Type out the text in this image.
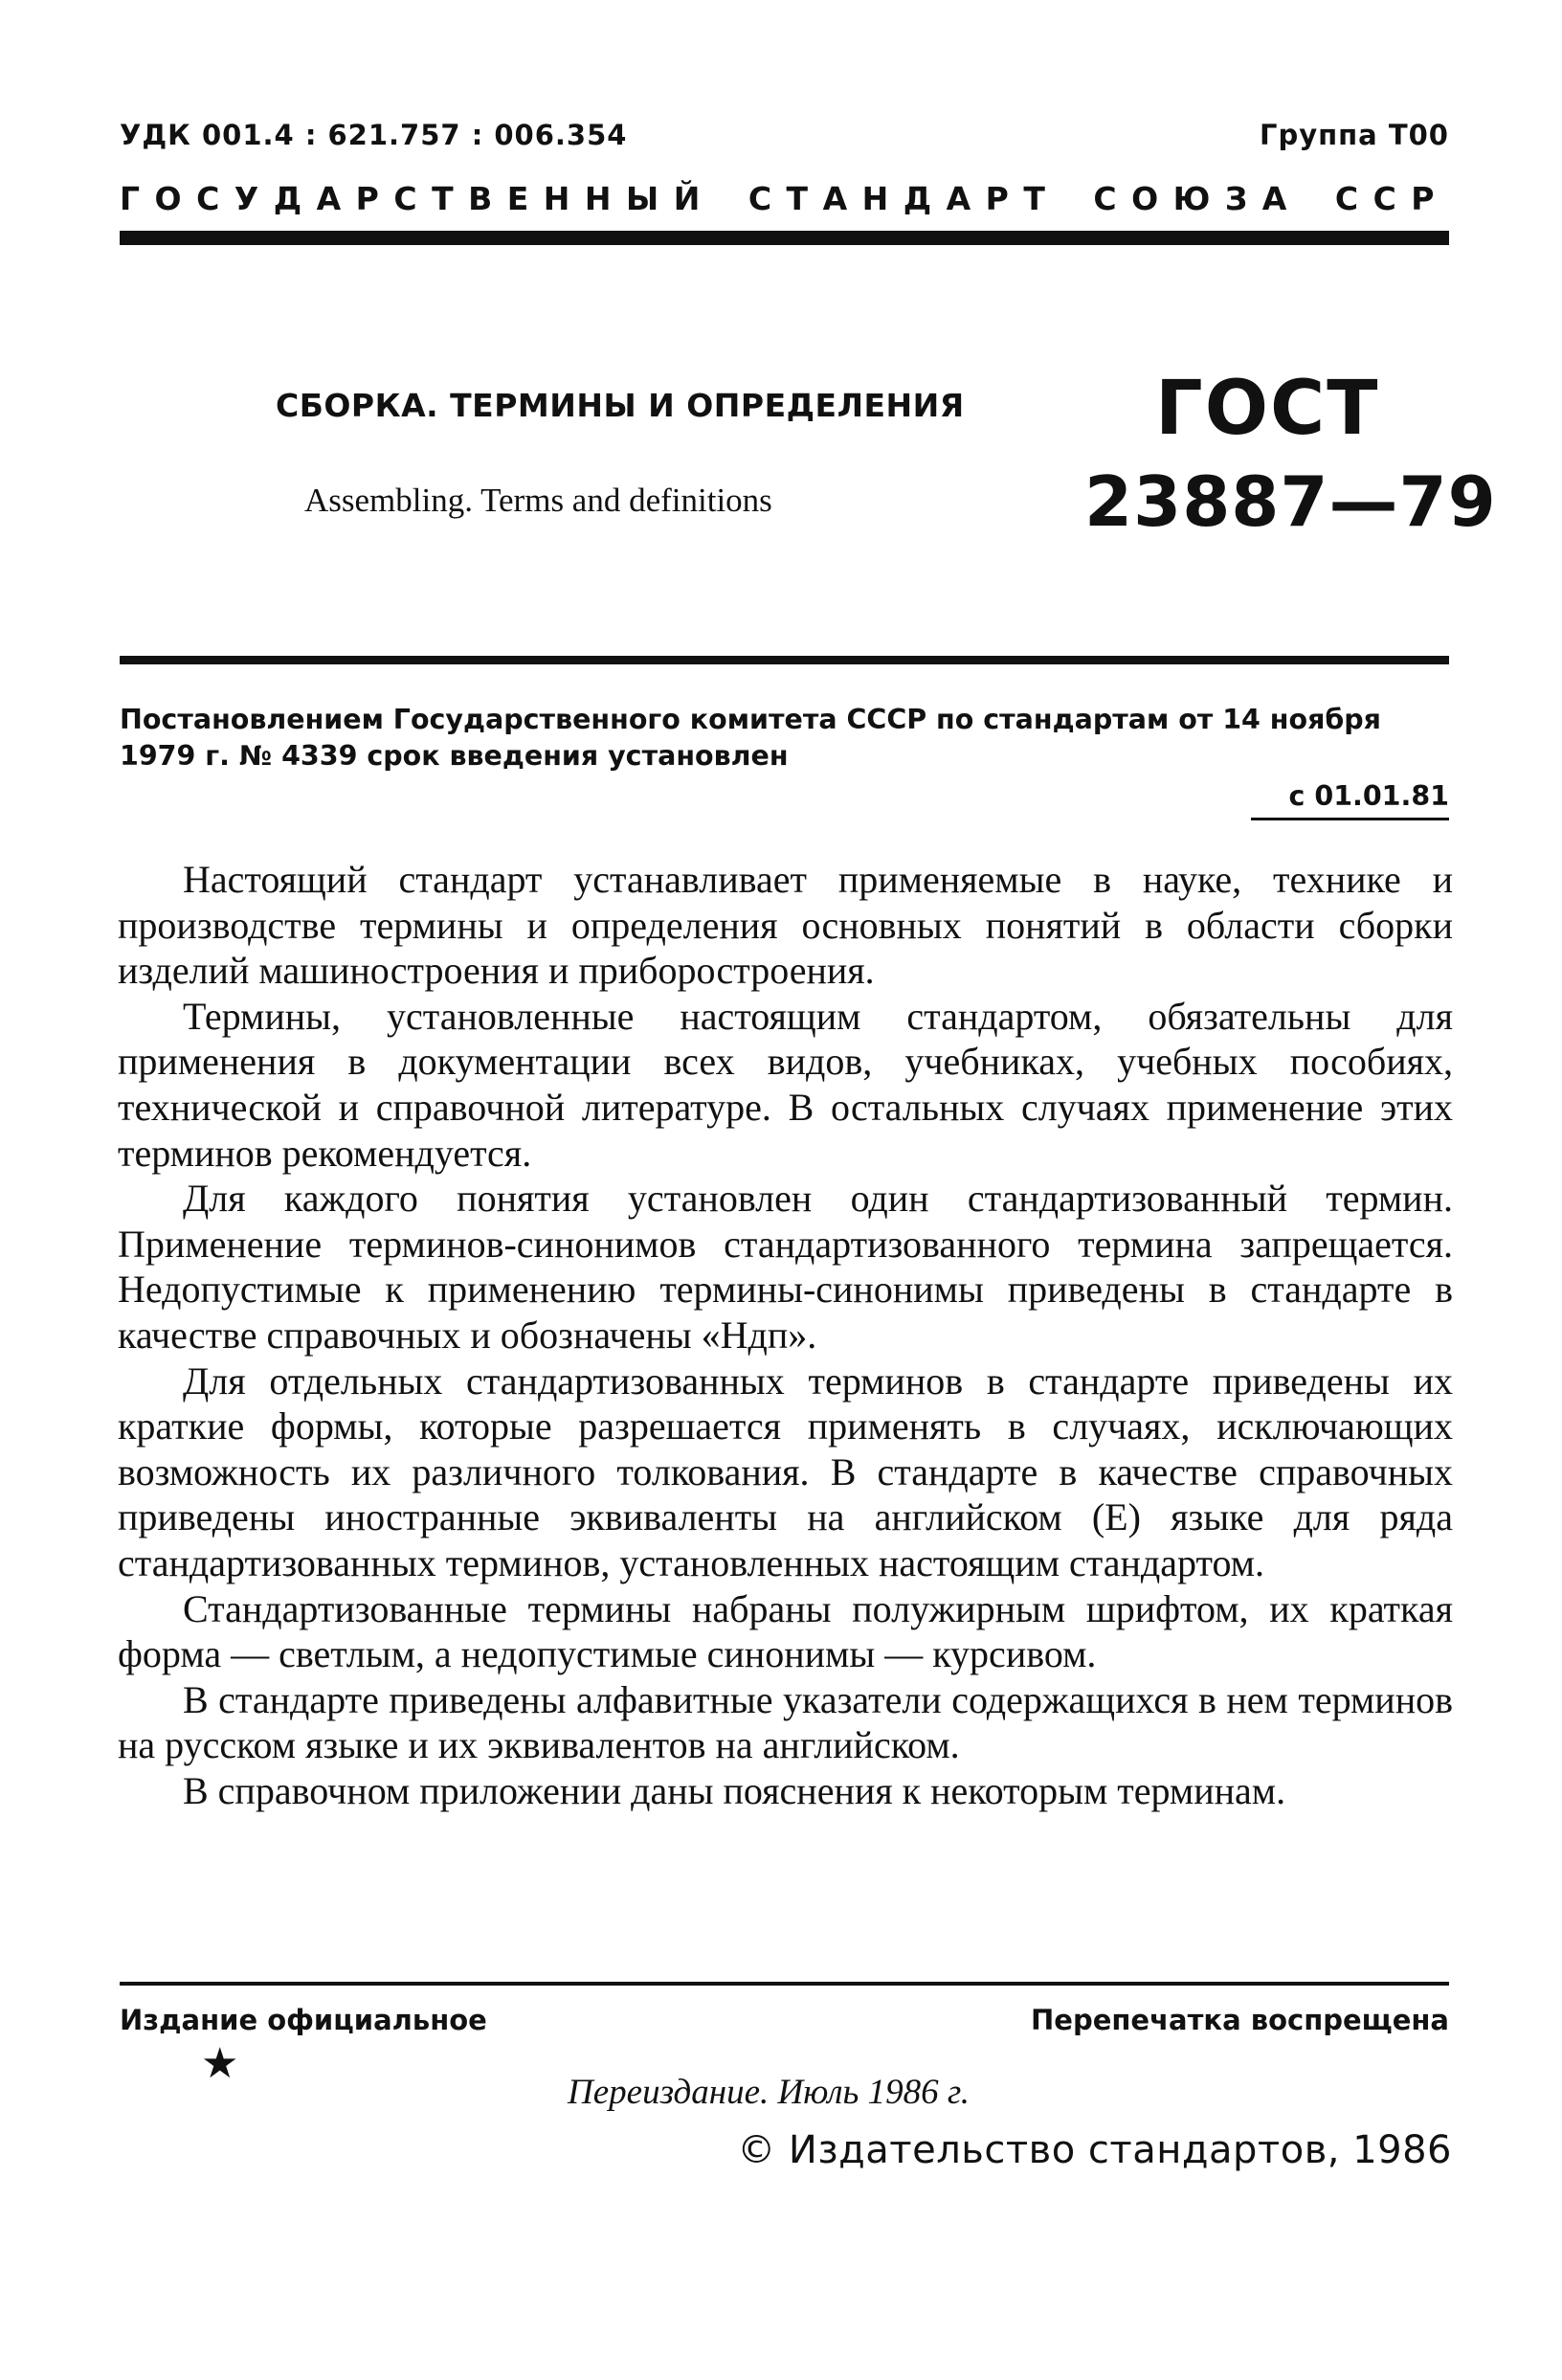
УДК 001.4 : 621.757 : 006.354	Группа Т00
ГОСУДАРСТВЕННЫЙ СТАНДАРТ СОЮЗА ССР
СБОРКА. ТЕРМИНЫ И ОПРЕДЕЛЕНИЯ
Assembling. Terms and definitions
ГОСТ
23887—79
Постановлением Государственного комитета СССР по стандартам от 14 ноября 1979 г. № 4339 срок введения установлен
с 01.01.81

Настоящий стандарт устанавливает применяемые в науке, технике и производстве термины и определения основных понятий в области сборки изделий машиностроения и приборостроения.

Термины, установленные настоящим стандартом, обязательны для применения в документации всех видов, учебниках, учебных пособиях, технической и справочной литературе. В остальных случаях применение этих терминов рекомендуется.

Для каждого понятия установлен один стандартизованный термин. Применение терминов-синонимов стандартизованного термина запрещается. Недопустимые к применению термины-синонимы приведены в стандарте в качестве справочных и обозначены «Ндп».

Для отдельных стандартизованных терминов в стандарте приведены их краткие формы, которые разрешается применять в случаях, исключающих возможность их различного толкования. В стандарте в качестве справочных приведены иностранные эквиваленты на английском (Е) языке для ряда стандартизованных терминов, установленных настоящим стандартом.

Стандартизованные термины набраны полужирным шрифтом, их краткая форма — светлым, а недопустимые синонимы — курсивом.

В стандарте приведены алфавитные указатели содержащихся в нем терминов на русском языке и их эквивалентов на английском.

В справочном приложении даны пояснения к некоторым терминам.

Издание официальное	Перепечатка воспрещена
★
Переиздание. Июль 1986 г.
© Издательство стандартов, 1986
